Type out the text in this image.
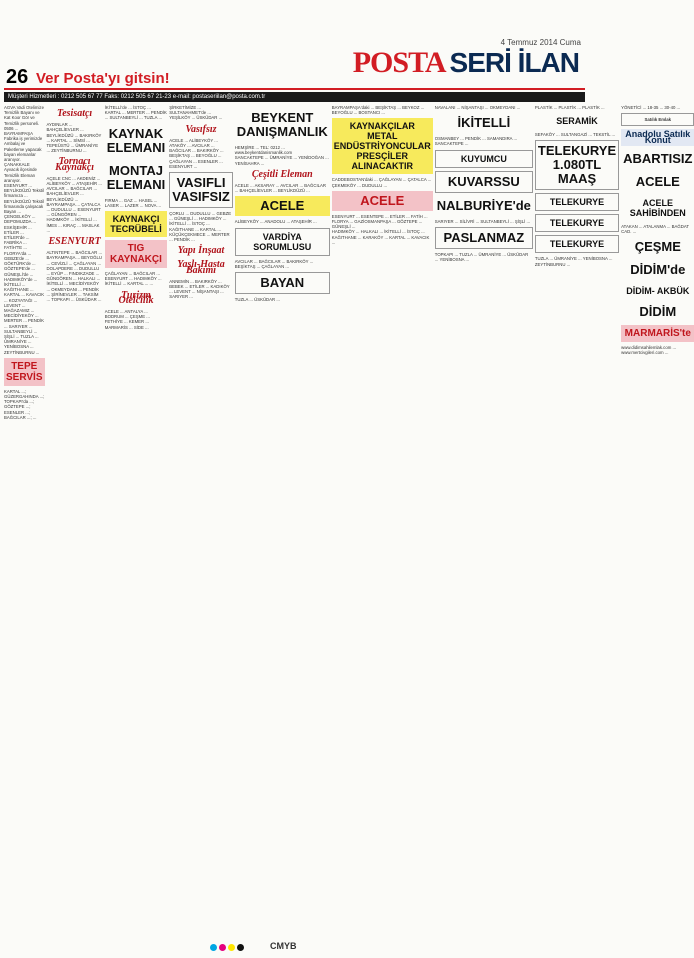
26 Ver Posta'yı gitsin!
4 Temmuz 2014 Cuma
POSTA SERİ İLAN
Müşteri Hizmetleri : 0212 505 67 77 Faks: 0212 505 67 21-23 e-mail: postaseriilan@posta.com.tr
AGVA Vadi Otelimize Temizlik Bayanı ve Kat Koor Gör ve Temizlik personeli. 0506 ...
BAYRAMPAŞA Fabrika iş yerimizde Ambalaj ve Paketleme yapacak bayan elemanlar aranıyor. ÇANAKKALE Ayvacık ilçesinde Temizlik Eleman aranıyor. ESENYURT ... BEYLİKDÜZÜ Tekstil firmamıza ... BEYLİKDÜZÜ Tekstil firmasında çalışacak Bayan ... ÇENGELKÖY ... DEPOMUZDA ... ESKİŞEHİR ... ETİLER ... ETİLER'de ... FABRİKA ... FATİH'TE ... FLORYA'da ... GEBZE'de ... GÖKTÜRK'de ... GÖZTEPE'de ... GÜNEŞLİ'de ... HADIMKÖY'de ... İKİTELLİ ... KAĞITHANE ... KARTAL ... KAVACIK ... KOZYATAĞI ... LEVENT ... MAĞAZAMIZ ... MECİDİYEKÖY ... MERTER ... PENDİK ... SARIYER ... SULTANBEYLİ ... ŞİŞLİ ... TUZLA ... ÜMRANİYE ... YENİBOSNA ... ZEYTİNBURNU ...
TEPE SERVİS
KARTAL ...; GÜZERGAHINDA ...; TOPKAPI'da ...; GÖZTEPE ...; ESENLER ...; BAĞCILAR ...; ...
Tesisatçı
AYDINLAR ... BAHÇELİEVLER ... BEYLİKDÜZÜ ... BAKIRKÖY ... KARTAL ... SİMSİ ... TEPEÜSTÜ ... ÜMRANİYE ... ZEYTİNBURNU ...
Tornacı Kaynakçı
AÇELE CNC ... AKDENİZ ... ALİBEYKÖY ... ATAŞEHİR ... AVCILAR ... BAĞCILAR ... BAHÇELİEVLER ... BEYLİKDÜZÜ ... BAYRAMPAŞA ... ÇATALCA ... DUDULLU ... ESENYURT ... GÜNGÖREN ... HADIMKÖY ... İKİTELLİ ... İMES ... KIRAÇ ... MASLAK ...
ESENYURT
ALTINTEPE ... BAĞCILAR ... BAYRAMPAŞA ... BEYOĞLU ... CEVİZLİ ... ÇAĞLAYAN ... DOLAPDERE ... DUDULLU ... EYÜP ... FINDIKZADE ... GÜNGÖREN ... HALKALI ... İKİTELLİ ... MECİDİYEKÖY ... OKMEYDANI ... PENDİK ... ŞİRİNEVLER ... TAKSİM ... TOPKAPI ... ÜSKÜDAR ...
İKİTELLİ'de ... İSTOÇ ... KARTAL ... MERTER ... PENDİK ... SULTANBEYLİ ... TUZLA ...
KAYNAK ELEMANI
MONTAJ ELEMANI
FIRMA ... GAZ ... HASEL ... LASER ... LAZER ... NOVA ...
KAYNAKÇI TECRÜBELİ
TIG KAYNAKÇI
ÇAĞLAYAN ... BAĞCILAR ... ESENYURT ... HADIMKÖY ... İKİTELLİ ... KARTAL ... ...
Turizm Otelcilik
ACELE ... ANTALYA ... BODRUM ... ÇEŞME ... FETHİYE ... KEMER ... MARMARİS ... SİDE ...
ŞİRKETİMİZE ... SULTANAHMET'de ... YEŞİLKÖY ... ÜSKÜDAR ...
Vasıfsız
ACELE ... ALİBEYKÖY ... ATAKÖY ... AVCILAR ... BAĞCILAR ... BAKIRKÖY ... BEŞİKTAŞ ... BEYOĞLU ... ÇAĞLAYAN ... ESENLER ... ESENYURT ...
VASIFLI VASIFSIZ
ÇORLU ... DUDULLU ... GEBZE ... GÜNEŞLİ ... HADIMKÖY ... İKİTELLİ ... İSTOÇ ... KAĞITHANE ... KARTAL ... KÜÇÜKÇEKMECE ... MERTER ... PENDİK ...
Yapı İnşaat
Yaşlı-Hasta Bakımı
ANNEMİN ... BAKIRKÖY ... BEBEK ... ETİLER ... KADIKÖY ... LEVENT ... NİŞANTAŞI ... SARIYER ...
BEYKENT DANIŞMANLIK
HEMŞİRE ... TEL: 0212 ... www.beykentdanismanlik.com
SANCAKTEPE ... ÜMRANİYE ... YENİDOĞAN ... YENİSAHRA ...
Çeşitli Eleman
ACELE ... AKSARAY ... AVCILAR ... BAĞCILAR ... BAHÇELİEVLER ... BEYLİKDÜZÜ ...
ACELE
ALİBEYKÖY ... ANADOLU ... ATAŞEHİR ...
VARDİYA SORUMLUSU
AVCILAR ... BAĞCILAR ... BAKIRKÖY ... BEŞİKTAŞ ... ÇAĞLAYAN ...
BAYAN
TUZLA ... ÜSKÜDAR ...
BAYRAMPAŞA'daki ... BEŞİKTAŞ ... BEYKOZ ... BEYOĞLU ... BOSTANCI ...
KAYNAKÇILAR METAL ENDÜSTRİYONCULAR PRESÇİLER ALINACAKTIR
CADDEBOSTAN'daki ... ÇAĞLAYAN ... ÇATALCA ... ÇEKMEKÖY ... DUDULLU ...
ACELE
ESENYURT ... ESENTEPE ... ETİLER ... FATİH ... FLORYA ... GAZİOSMANPAŞA ... GÖZTEPE ... GÜNEŞLİ ...
HADIMKÖY ... HALKALI ... İKİTELLİ ... İSTOÇ ... KAĞITHANE ... KARAKÖY ... KARTAL ... KAVACIK ...
NAVALANI ... NİŞANTAŞI ... OKMEYDANI ...
İKİTELLİ
OSMANBEY ... PENDİK ... SAMANDIRA ... SANCAKTEPE ...
KUYUMCU
KUVARSSU
NALBURİYE'de
SARIYER ... SİLİVRİ ... SULTANBEYLİ ... ŞİŞLİ ...
PASLANMAZ
TOPKAPI ... TUZLA ... ÜMRANİYE ... ÜSKÜDAR ... YENİBOSNA ...
PLASTİK ... PLASTİK ... PLASTİK ...
SERAMİK
SEFAKÖY ... SULTANGAZİ ... TEKSTİL ...
TELEKURYE 1.080TL MAAŞ
TELEKURYE
TELEKURYE
TELEKURYE
TUZLA ... ÜMRANİYE ... YENİBOSNA ... ZEYTİNBURNU ...
YÖNETİCİ ... 18-35 ... 30-40 ...
Satılık Emlak
Anadolu Satılık Konut
ABARTISIZ
ACELE
ACELE SAHİBİNDEN
ATAKAN ... ATALANMA ... BAĞDAT CAD. ...
ÇEŞME
DİDİM'de
DİDİM- AKBÜK
DİDİM
MARMARİS'te
www.didimsahilemlak.com ... www.mertcivgileri.com ...
CMYB
